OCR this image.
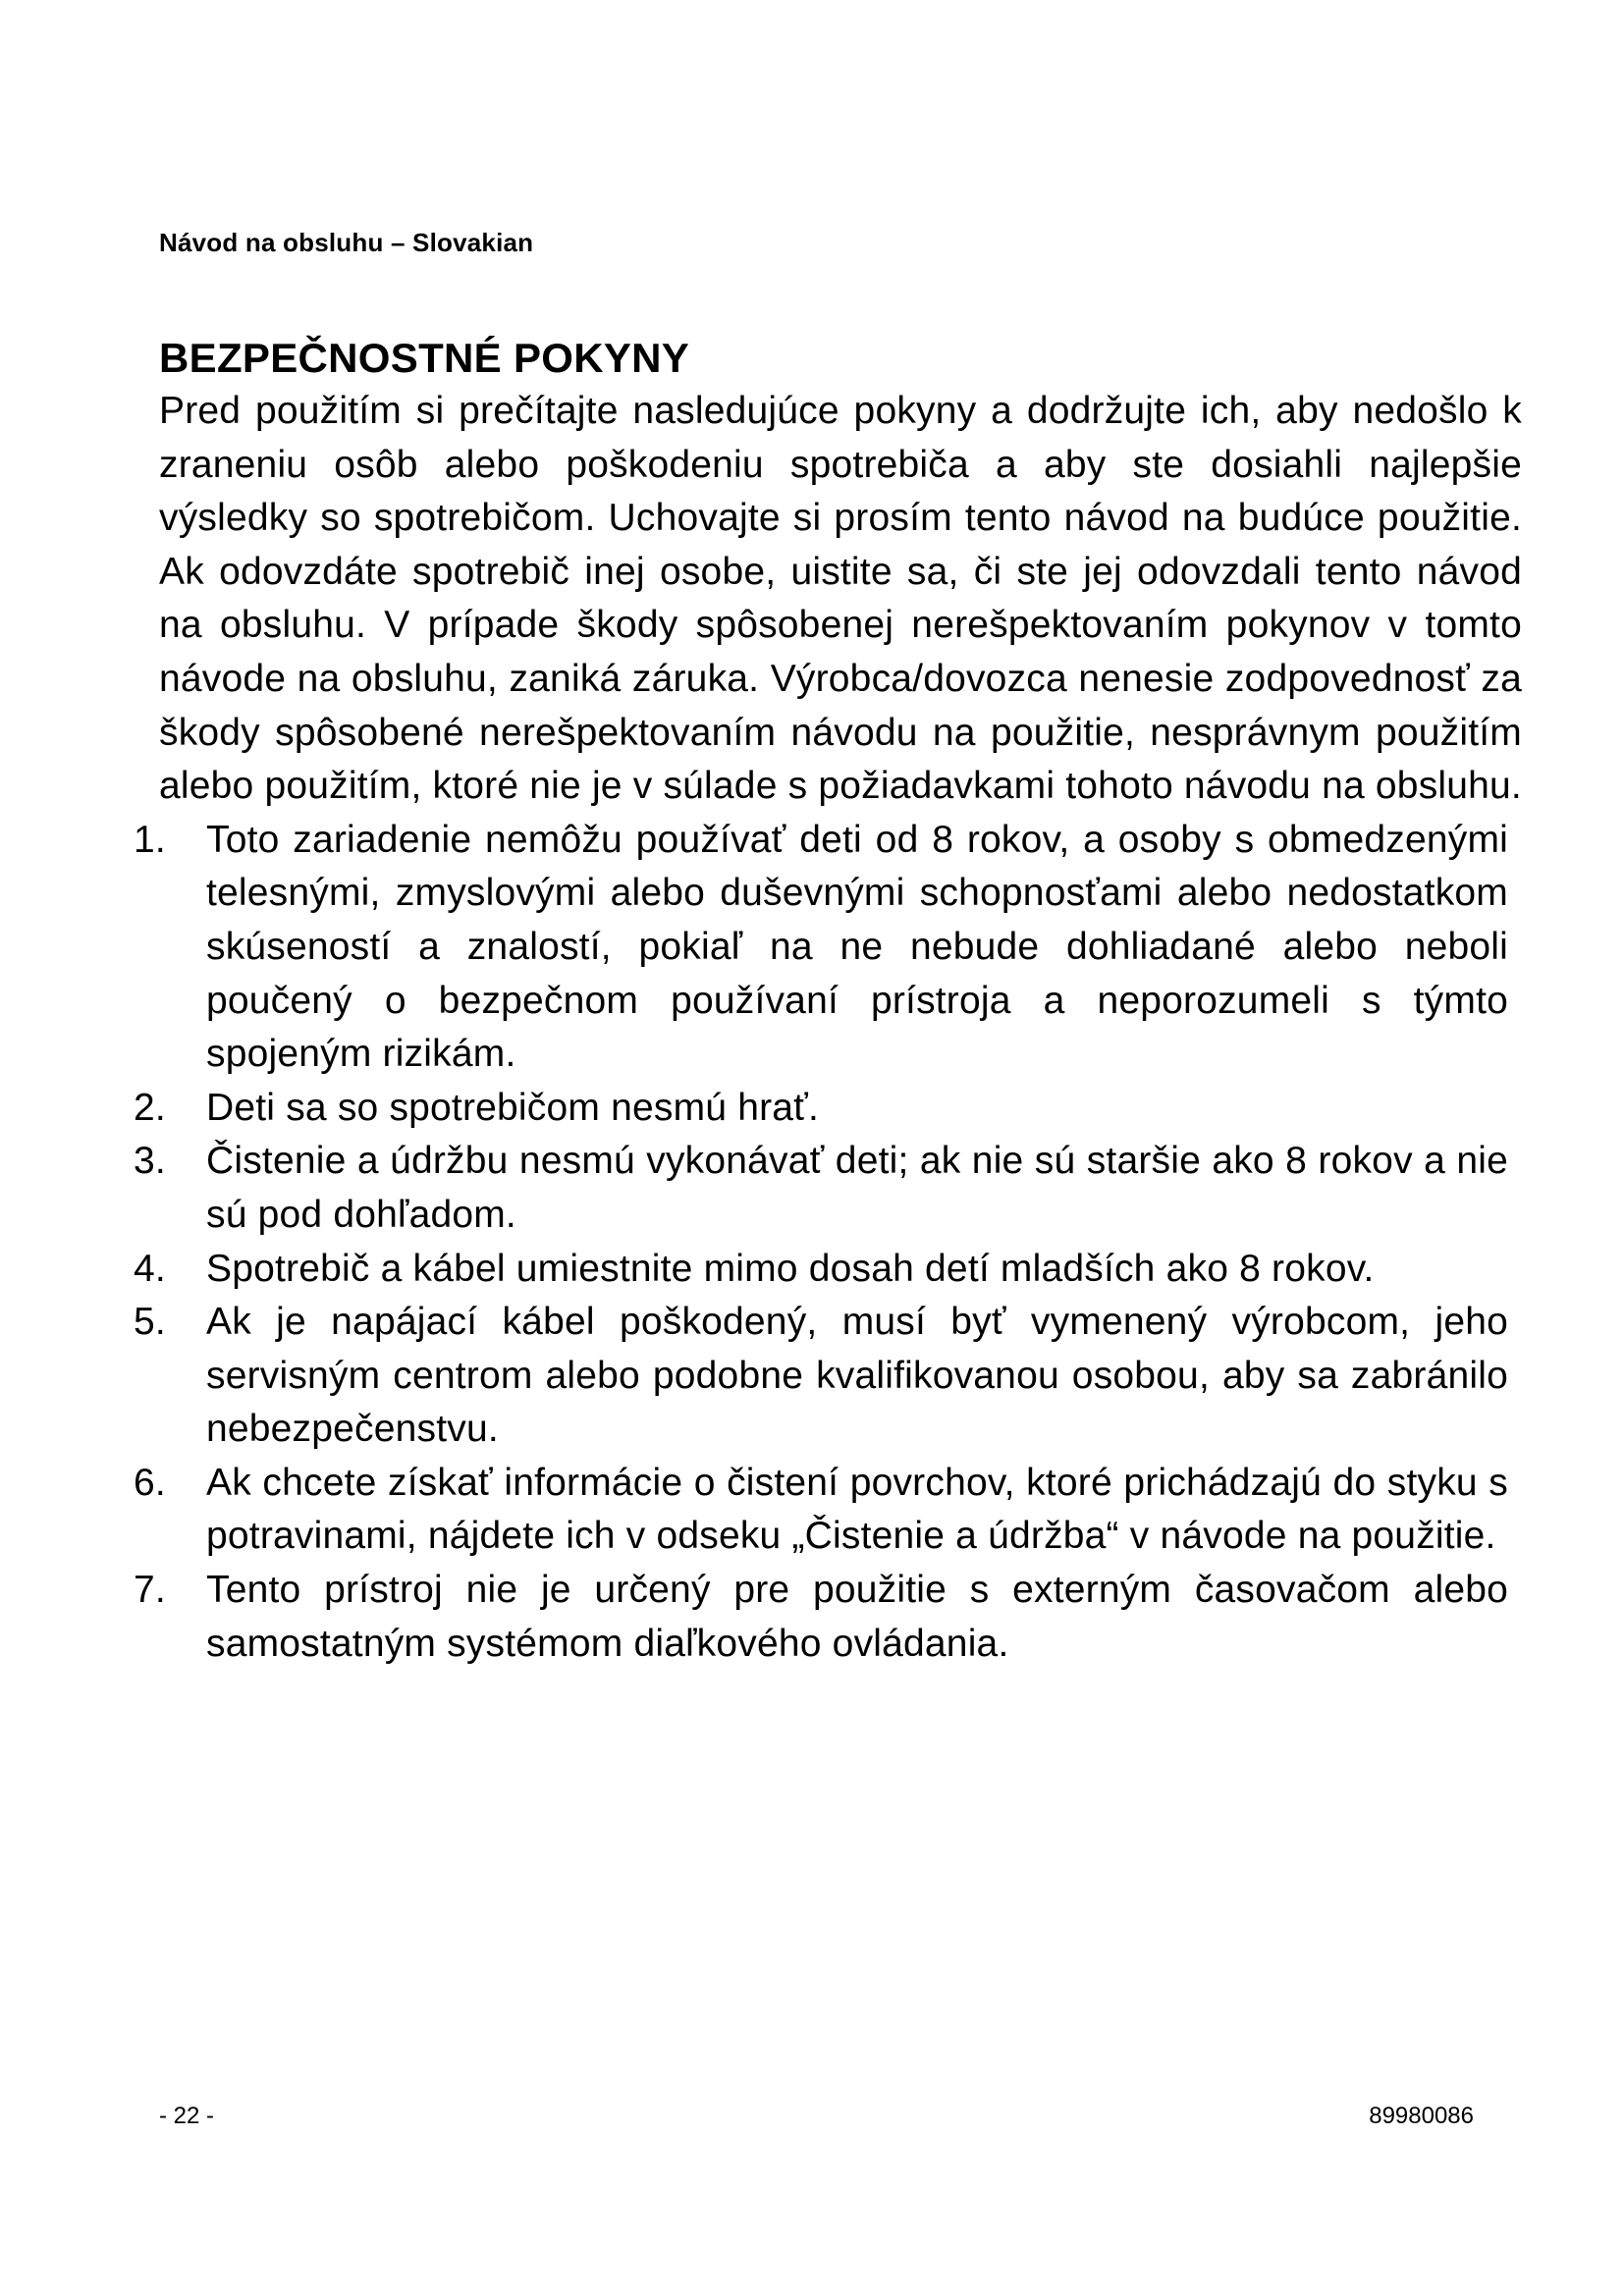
Návod na obsluhu – Slovakian
BEZPEČNOSTNÉ POKYNY

Pred použitím si prečítajte nasledujúce pokyny a dodržujte ich, aby nedošlo k zraneniu osôb alebo poškodeniu spotrebiča a aby ste dosiahli najlepšie výsledky so spotrebičom. Uchovajte si prosím tento návod na budúce použitie. Ak odovzdáte spotrebič inej osobe, uistite sa, či ste jej odovzdali tento návod na obsluhu. V prípade škody spôsobenej nerešpektovaním pokynov v tomto návode na obsluhu, zaniká záruka. Výrobca/dovozca nenesie zodpovednosť za škody spôsobené nerešpektovaním návodu na použitie, nesprávnym použitím alebo použitím, ktoré nie je v súlade s požiadavkami tohoto návodu na obsluhu.

1.	Toto zariadenie nemôžu používať deti od 8 rokov, a osoby s obmedzenými telesnými, zmyslovými alebo duševnými schopnosťami alebo nedostatkom skúseností a znalostí, pokiaľ na ne nebude dohliadané alebo neboli poučený o bezpečnom používaní prístroja a neporozumeli s týmto spojeným rizikám.
2.	Deti sa so spotrebičom nesmú hrať.
3.	Čistenie a údržbu nesmú vykonávať deti; ak nie sú staršie ako 8 rokov a nie sú pod dohľadom.
4.	Spotrebič a kábel umiestnite mimo dosah detí mladších ako 8 rokov.
5.	Ak je napájací kábel poškodený, musí byť vymenený výrobcom, jeho servisným centrom alebo podobne kvalifikovanou osobou, aby sa zabránilo nebezpečenstvu.
6.	Ak chcete získať informácie o čistení povrchov, ktoré prichádzajú do styku s potravinami, nájdete ich v odseku „Čistenie a údržba“ v návode na použitie.
7.	Tento prístroj nie je určený pre použitie s externým časovačom alebo samostatným systémom diaľkového ovládania.
- 22 -	89980086
